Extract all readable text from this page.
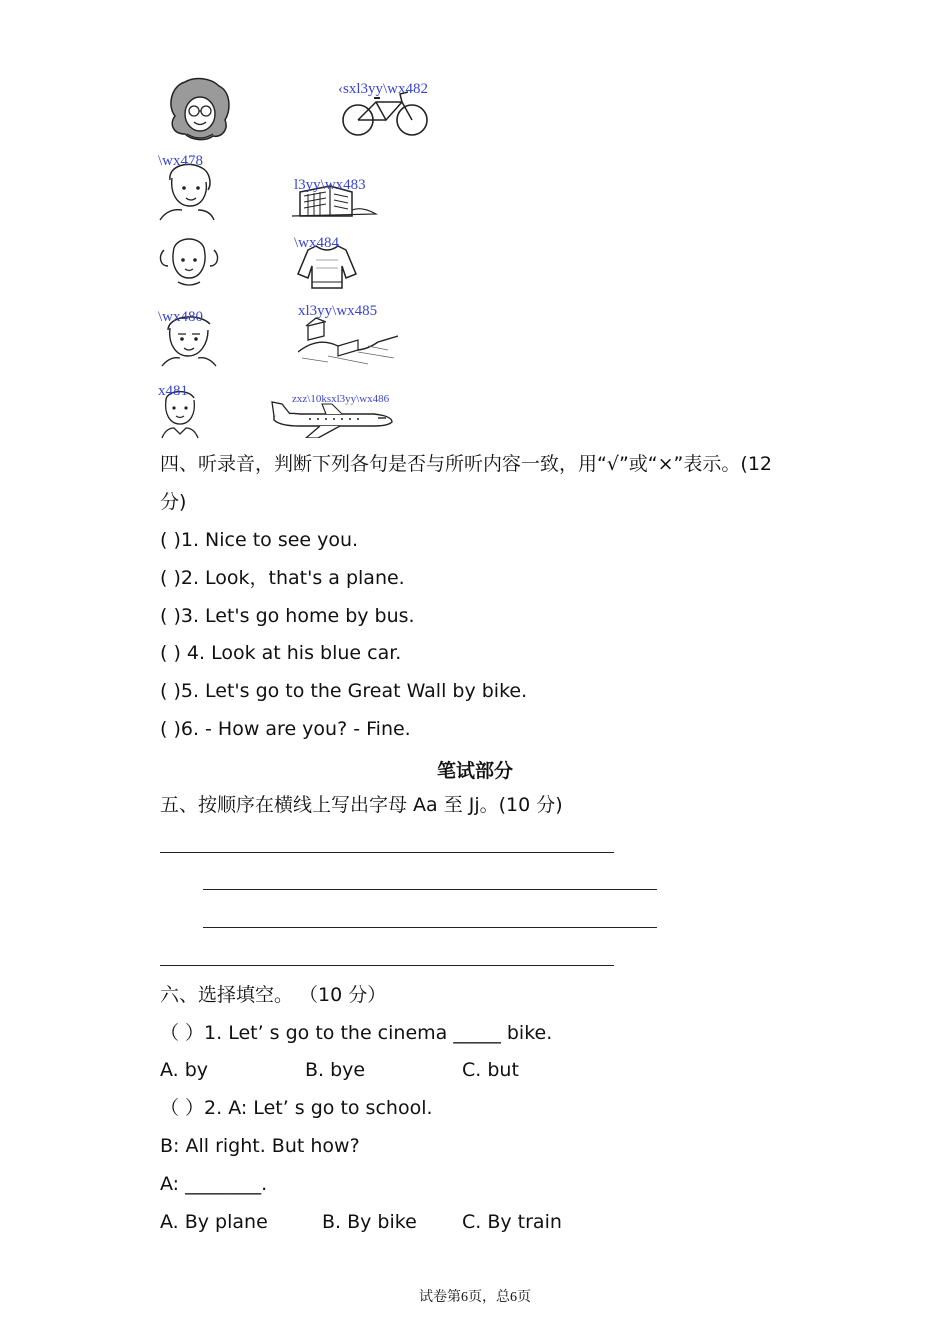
‹sxl3yy\wx482
\wx478
l3yy\wx483
\wx484
\wx480	xl3yy\wx485
x481	zxz\10ksxl3yy\wx486
四、听录音，判断下列各句是否与所听内容一致，用“√”或“×”表示。(12
分)
( )1. Nice to see you.
( )2. Look，that's a plane.
( )3. Let's go home by bus.
( ) 4. Look at his blue car.
( )5. Let's go to the Great Wall by bike.
( )6. - How are you? - Fine.
笔试部分
五、按顺序在横线上写出字母 Aa 至 Jj。(10 分)
六、选择填空。 （10 分）
（ ）1. Let’ s go to the cinema _____ bike.
A. by	B. bye	C. but
（ ）2. A: Let’ s go to school.
B: All right. But how?
A: ________.
A. By plane	B. By bike C. By train
试卷第6页，总6页
